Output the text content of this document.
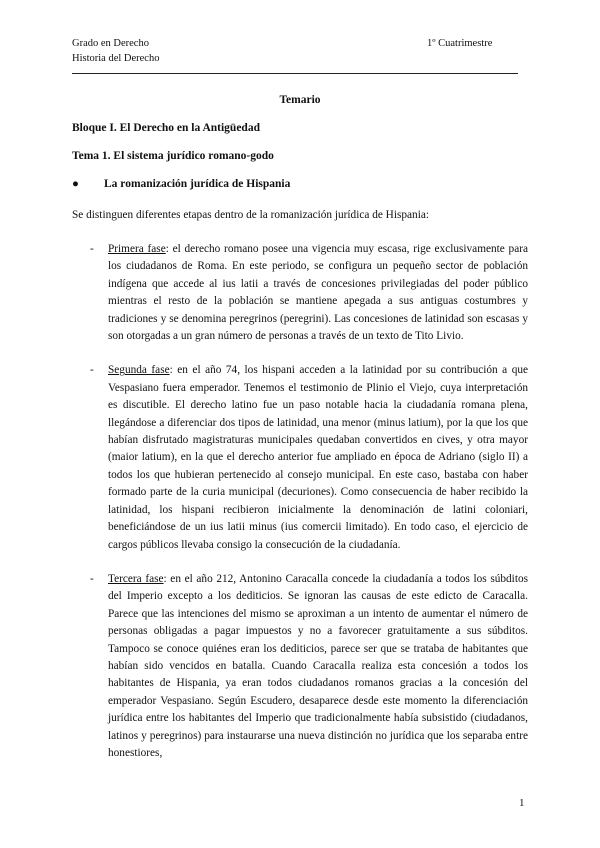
Grado en Derecho
Historia del Derecho
1º Cuatrimestre
Temario
Bloque I. El Derecho en la Antigüedad
Tema 1. El sistema jurídico romano-godo
● La romanización jurídica de Hispania
Se distinguen diferentes etapas dentro de la romanización jurídica de Hispania:
- Primera fase: el derecho romano posee una vigencia muy escasa, rige exclusivamente para los ciudadanos de Roma. En este periodo, se configura un pequeño sector de población indígena que accede al ius latii a través de concesiones privilegiadas del poder público mientras el resto de la población se mantiene apegada a sus antiguas costumbres y tradiciones y se denomina peregrinos (peregrini). Las concesiones de latinidad son escasas y son otorgadas a un gran número de personas a través de un texto de Tito Livio.
- Segunda fase: en el año 74, los hispani acceden a la latinidad por su contribución a que Vespasiano fuera emperador. Tenemos el testimonio de Plinio el Viejo, cuya interpretación es discutible. El derecho latino fue un paso notable hacia la ciudadanía romana plena, llegándose a diferenciar dos tipos de latinidad, una menor (minus latium), por la que los que habían disfrutado magistraturas municipales quedaban convertidos en cives, y otra mayor (maior latium), en la que el derecho anterior fue ampliado en época de Adriano (siglo II) a todos los que hubieran pertenecido al consejo municipal. En este caso, bastaba con haber formado parte de la curia municipal (decuriones). Como consecuencia de haber recibido la latinidad, los hispani recibieron inicialmente la denominación de latini coloniari, beneficiándose de un ius latii minus (ius comercii limitado). En todo caso, el ejercicio de cargos públicos llevaba consigo la consecución de la ciudadanía.
- Tercera fase: en el año 212, Antonino Caracalla concede la ciudadanía a todos los súbditos del Imperio excepto a los dediticios. Se ignoran las causas de este edicto de Caracalla. Parece que las intenciones del mismo se aproximan a un intento de aumentar el número de personas obligadas a pagar impuestos y no a favorecer gratuitamente a sus súbditos. Tampoco se conoce quiénes eran los dediticios, parece ser que se trataba de habitantes que habían sido vencidos en batalla. Cuando Caracalla realiza esta concesión a todos los habitantes de Hispania, ya eran todos ciudadanos romanos gracias a la concesión del emperador Vespasiano. Según Escudero, desaparece desde este momento la diferenciación jurídica entre los habitantes del Imperio que tradicionalmente había subsistido (ciudadanos, latinos y peregrinos) para instaurarse una nueva distinción no jurídica que los separaba entre honestiores,
1
